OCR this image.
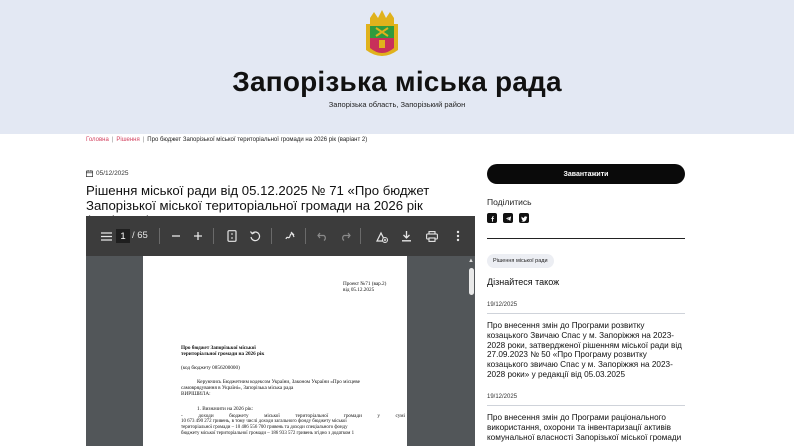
Запорізька міська рада
Запорізька область, Запорізький район
Головна | Рішення | Про бюджет Запорізької міської територіальної громади на 2026 рік (варіант 2)
05/12/2025
Рішення міської ради від 05.12.2025 № 71 «Про бюджет Запорізької міської територіальної громади на 2026 рік
1 / 65
Проект №71 (вар.2)
від 05.12.2025
Про бюджет Запорізької міської
територіальної громади на 2026 рік
(код бюджету 0856200000)
Керуючись Бюджетним кодексом України, Законом України «Про місцеве
самоврядування в Україні», Запорізька міська рада
ВИРІШИЛА:
1. Визначити на 2026 рік:
- доходи бюджету міської територіальної громади у сумі
10 673 490 272 гривень, в тому числі доходи загального фонду бюджету міської
територіальної громади – 10 486 556 700 гривень та доходи спеціального фонду
бюджету міської територіальної громади – 186 933 572 гривень згідно з додатком 1
▲
Завантажити
Поділитись
Рішення міської ради
Дізнайтеся також
19/12/2025
Про внесення змін до Програми розвитку козацького Звичаю Спас у м. Запоріжжя на 2023-2028 роки, затвердженої рішенням міської ради від 27.09.2023 № 50 «Про Програму розвитку козацького звичаю Спас у м. Запоріжжя на 2023-2028 роки» у редакції від 05.03.2025
19/12/2025
Про внесення змін до Програми раціонального використання, охорони та інвентаризації активів комунальної власності Запорізької міської громади
